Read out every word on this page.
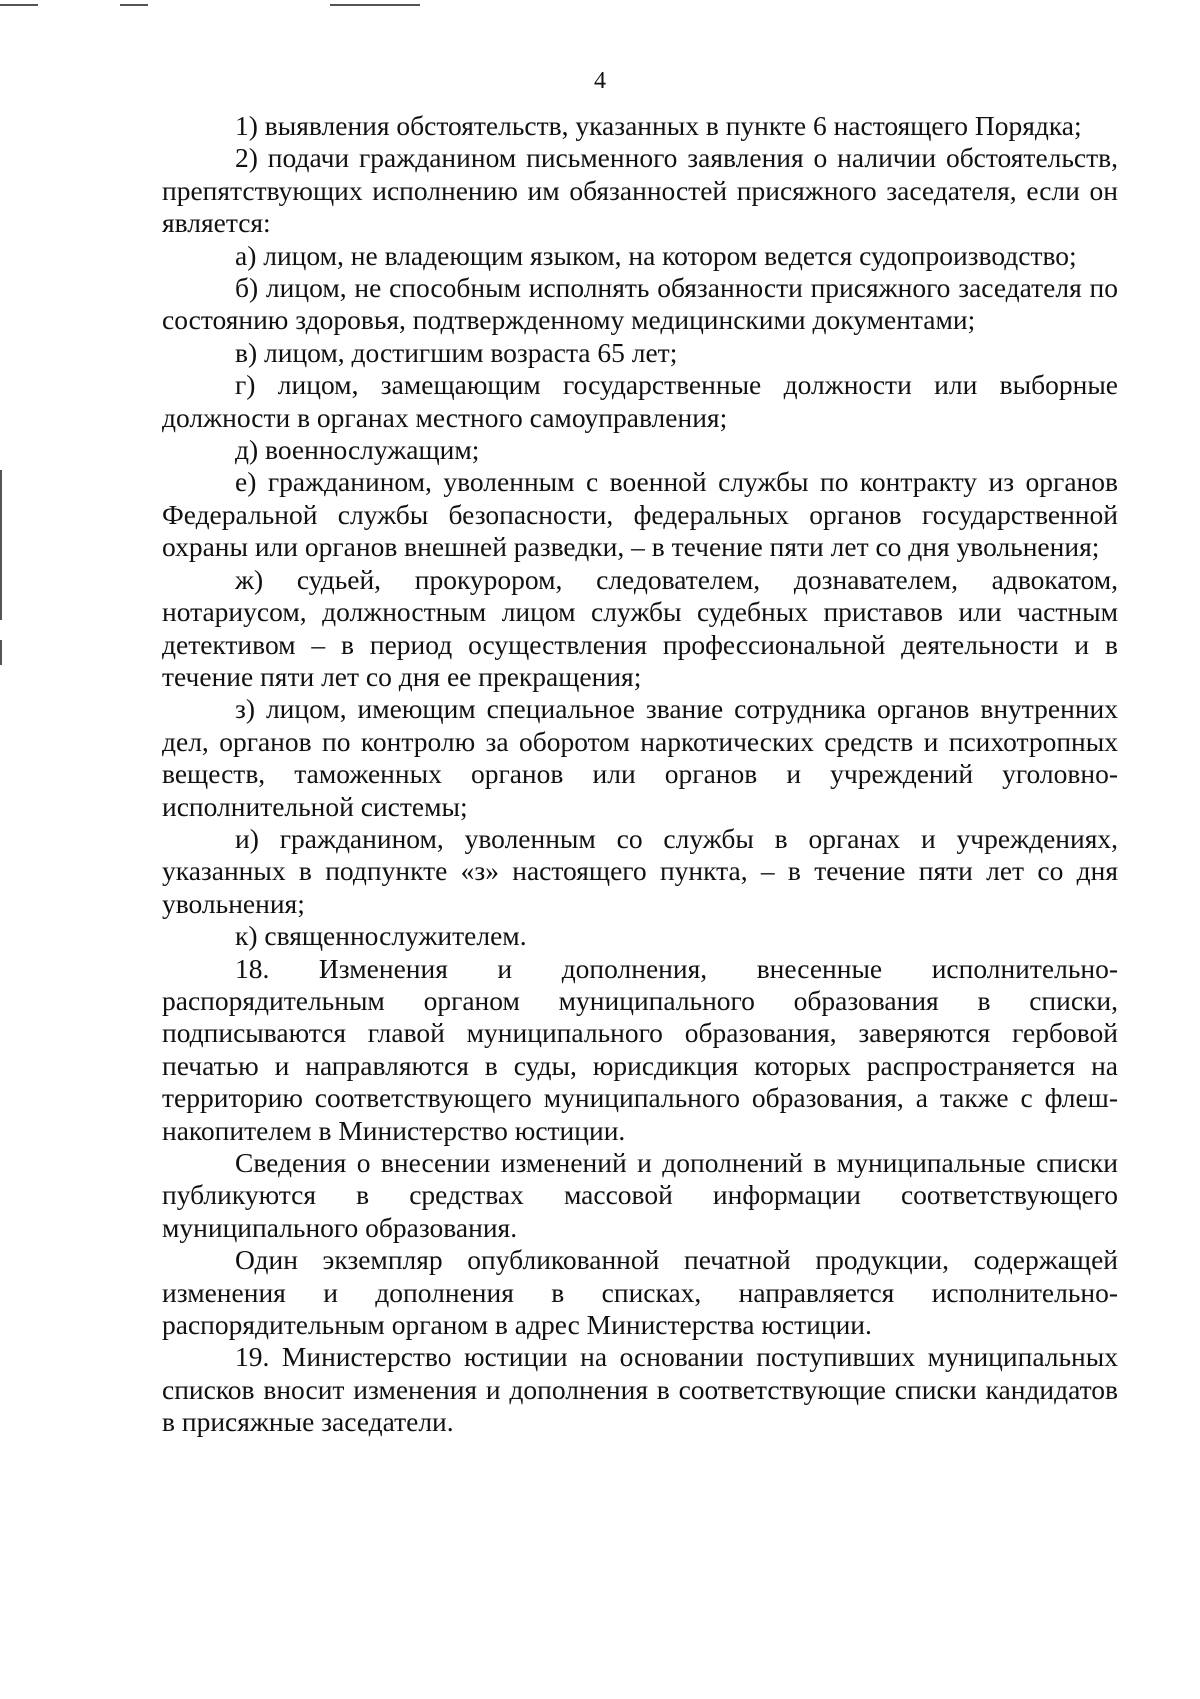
4

1) выявления обстоятельств, указанных в пункте 6 настоящего Порядка;

2) подачи гражданином письменного заявления о наличии обстоятельств, препятствующих исполнению им обязанностей присяжного заседателя, если он является:

а) лицом, не владеющим языком, на котором ведется судопроизводство;

б) лицом, не способным исполнять обязанности присяжного заседателя по состоянию здоровья, подтвержденному медицинскими документами;

в) лицом, достигшим возраста 65 лет;

г) лицом, замещающим государственные должности или выборные должности в органах местного самоуправления;

д) военнослужащим;

е) гражданином, уволенным с военной службы по контракту из органов Федеральной службы безопасности, федеральных органов государственной охраны или органов внешней разведки, – в течение пяти лет со дня увольнения;

ж) судьей, прокурором, следователем, дознавателем, адвокатом, нотариусом, должностным лицом службы судебных приставов или частным детективом – в период осуществления профессиональной деятельности и в течение пяти лет со дня ее прекращения;

з) лицом, имеющим специальное звание сотрудника органов внутренних дел, органов по контролю за оборотом наркотических средств и психотропных веществ, таможенных органов или органов и учреждений уголовно-исполнительной системы;

и) гражданином, уволенным со службы в органах и учреждениях, указанных в подпункте «з» настоящего пункта, – в течение пяти лет со дня увольнения;

к) священнослужителем.

18. Изменения и дополнения, внесенные исполнительно-распорядительным органом муниципального образования в списки, подписываются главой муниципального образования, заверяются гербовой печатью и направляются в суды, юрисдикция которых распространяется на территорию соответствующего муниципального образования, а также с флеш-накопителем в Министерство юстиции.

Сведения о внесении изменений и дополнений в муниципальные списки публикуются в средствах массовой информации соответствующего муниципального образования.

Один экземпляр опубликованной печатной продукции, содержащей изменения и дополнения в списках, направляется исполнительно-распорядительным органом в адрес Министерства юстиции.

19. Министерство юстиции на основании поступивших муниципальных списков вносит изменения и дополнения в соответствующие списки кандидатов в присяжные заседатели.
